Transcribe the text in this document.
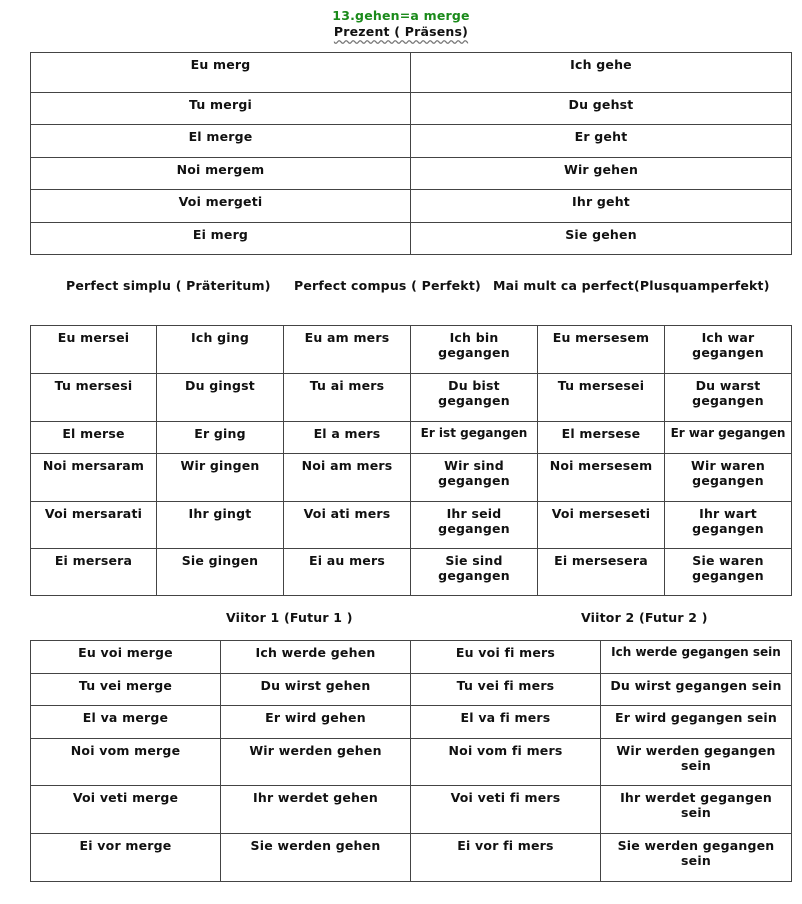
13.gehen=a merge
Prezent ( Präsens)
Eu merg	Ich gehe
Tu mergi	Du gehst
El merge	Er geht
Noi mergem	Wir gehen
Voi mergeti	Ihr geht
Ei merg	Sie gehen
Perfect simplu ( Präteritum) Perfect compus ( Perfekt) Mai mult ca perfect(Plusquamperfekt)
Eu mersei	Ich ging	Eu am mers	Ich bin gegangen	Eu mersesem	Ich war gegangen
Tu mersesi	Du gingst	Tu ai mers	Du bist gegangen	Tu mersesei	Du warst gegangen
El merse	Er ging	El a mers	Er ist gegangen	El mersese	Er war gegangen
Noi mersaram	Wir gingen	Noi am mers	Wir sind gegangen	Noi mersesem	Wir waren gegangen
Voi mersarati	Ihr gingt	Voi ati mers	Ihr seid gegangen	Voi merseseti	Ihr wart gegangen
Ei mersera	Sie gingen	Ei au mers	Sie sind gegangen	Ei mersesera	Sie waren gegangen
Viitor 1 (Futur 1 )	Viitor 2 (Futur 2 )
Eu voi merge	Ich werde gehen	Eu voi fi mers	Ich werde gegangen sein
Tu vei merge	Du wirst gehen	Tu vei fi mers	Du wirst gegangen sein
El va merge	Er wird gehen	El va fi mers	Er wird gegangen sein
Noi vom merge	Wir werden gehen	Noi vom fi mers	Wir werden gegangen sein
Voi veti merge	Ihr werdet gehen	Voi veti fi mers	Ihr werdet gegangen sein
Ei vor merge	Sie werden gehen	Ei vor fi mers	Sie werden gegangen sein
